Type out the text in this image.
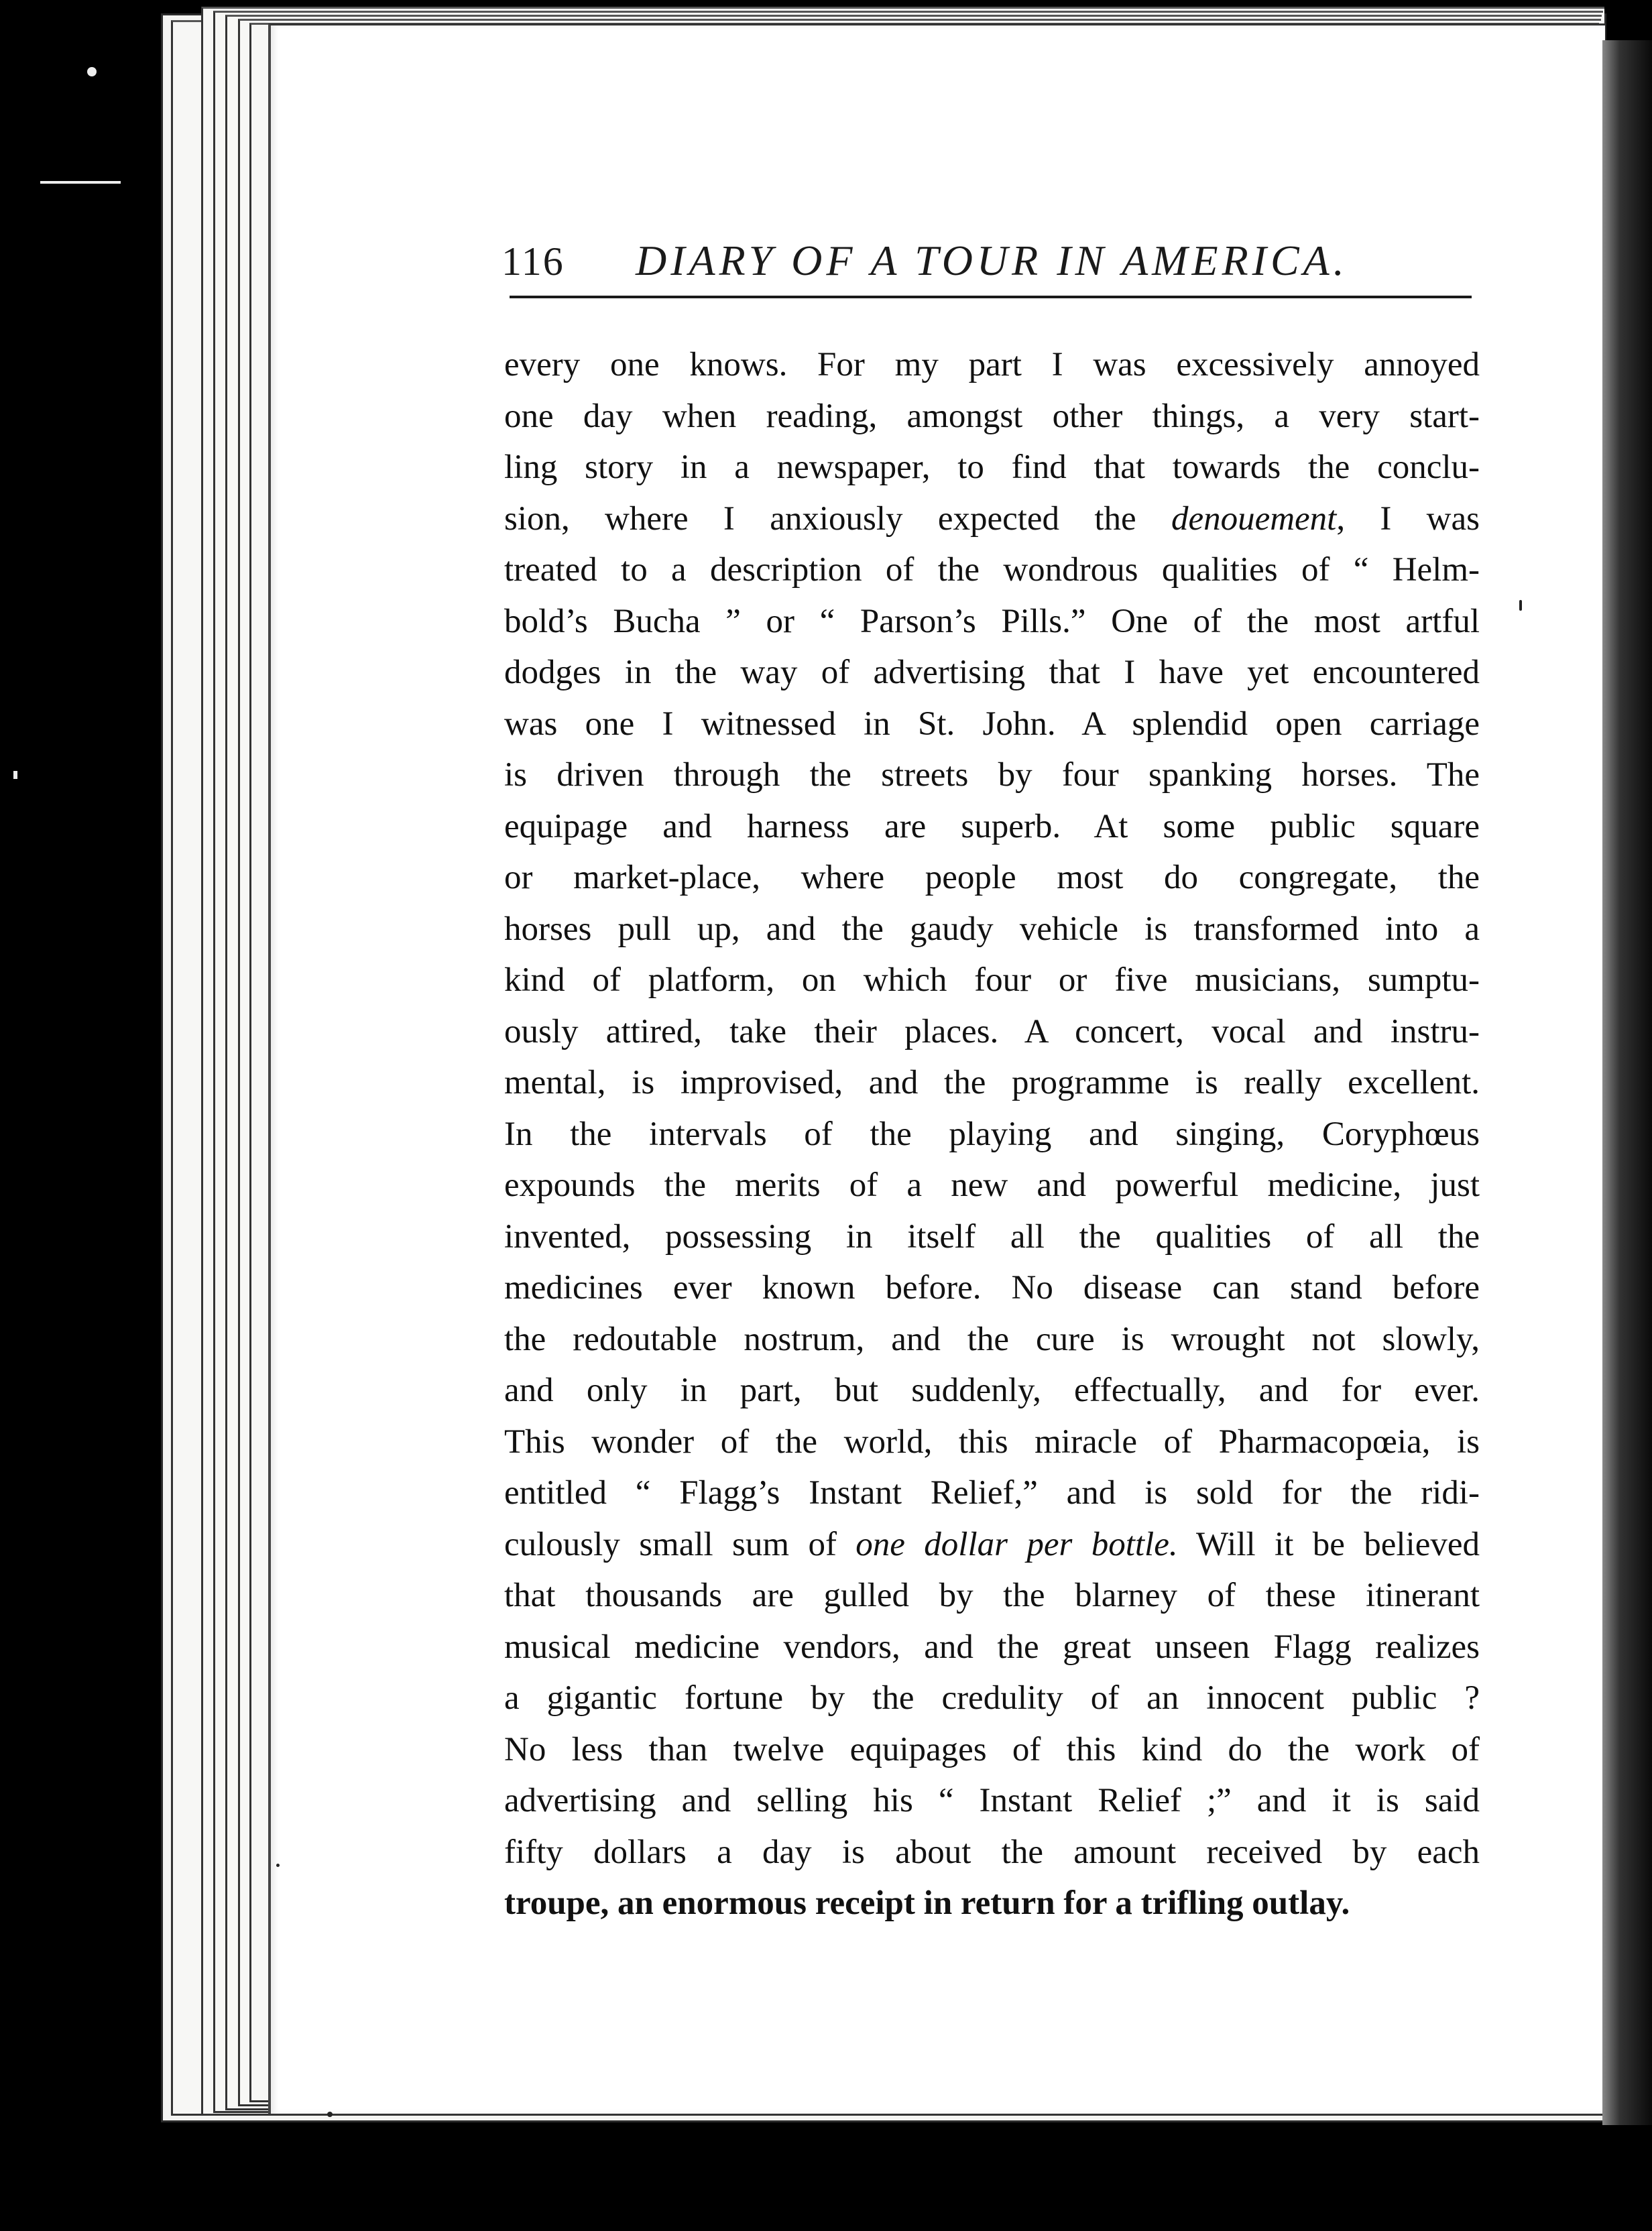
116 DIARY OF A TOUR IN AMERICA.
every one knows. For my part I was excessively annoyed
one day when reading, amongst other things, a very start-
ling story in a newspaper, to find that towards the conclu-
sion, where I anxiously expected the denouement, I was
treated to a description of the wondrous qualities of “ Helm-
bold’s Bucha ” or “ Parson’s Pills.” One of the most artful
dodges in the way of advertising that I have yet encountered
was one I witnessed in St. John. A splendid open carriage
is driven through the streets by four spanking horses. The
equipage and harness are superb. At some public square
or market-place, where people most do congregate, the
horses pull up, and the gaudy vehicle is transformed into a
kind of platform, on which four or five musicians, sumptu-
ously attired, take their places. A concert, vocal and instru-
mental, is improvised, and the programme is really excellent.
In the intervals of the playing and singing, Coryphœus
expounds the merits of a new and powerful medicine, just
invented, possessing in itself all the qualities of all the
medicines ever known before. No disease can stand before
the redoutable nostrum, and the cure is wrought not slowly,
and only in part, but suddenly, effectually, and for ever.
This wonder of the world, this miracle of Pharmacopœia, is
entitled “ Flagg’s Instant Relief,” and is sold for the ridi-
culously small sum of one dollar per bottle. Will it be believed
that thousands are gulled by the blarney of these itinerant
musical medicine vendors, and the great unseen Flagg realizes
a gigantic fortune by the credulity of an innocent public ?
No less than twelve equipages of this kind do the work of
advertising and selling his “ Instant Relief ;” and it is said
fifty dollars a day is about the amount received by each
troupe, an enormous receipt in return for a trifling outlay.
